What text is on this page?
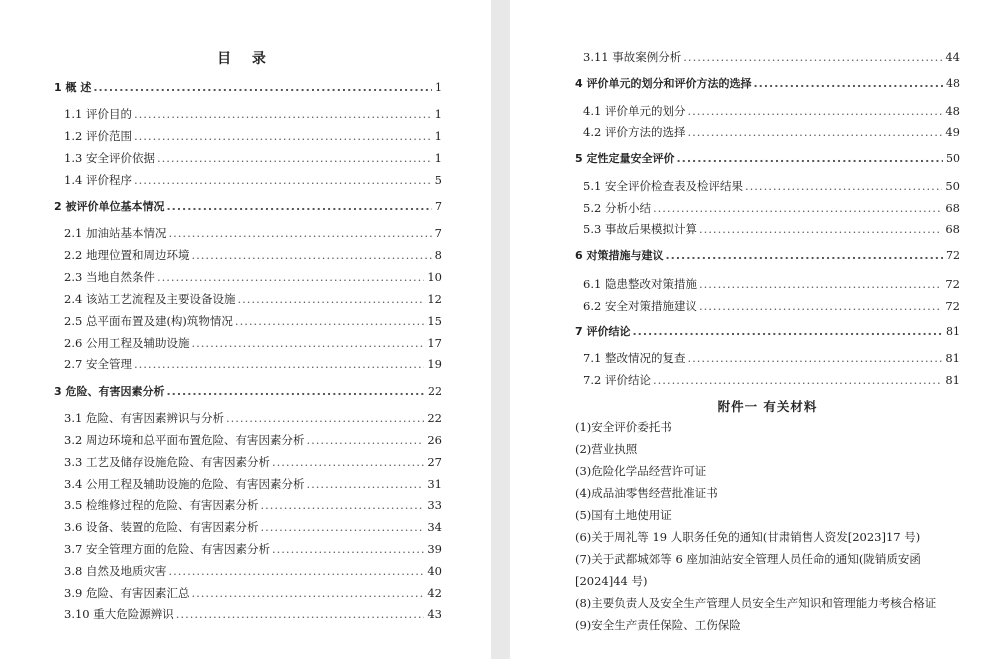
目 录
1 概 述 .....	1
1.1 评价目的 .....	1
1.2 评价范围 .....	1
1.3 安全评价依据 .....	1
1.4 评价程序 .....	5
2 被评价单位基本情况 .....	7
2.1 加油站基本情况 .....	7
2.2 地理位置和周边环境 .....	8
2.3 当地自然条件 .....	10
2.4 该站工艺流程及主要设备设施 .....	12
2.5 总平面布置及建(构)筑物情况 .....	15
2.6 公用工程及辅助设施 .....	17
2.7 安全管理 .....	19
3 危险、有害因素分析 .....	22
3.1 危险、有害因素辨识与分析 .....	22
3.2 周边环境和总平面布置危险、有害因素分析 .....	26
3.3 工艺及储存设施危险、有害因素分析 .....	27
3.4 公用工程及辅助设施的危险、有害因素分析 .....	31
3.5 检维修过程的危险、有害因素分析 .....	33
3.6 设备、装置的危险、有害因素分析 .....	34
3.7 安全管理方面的危险、有害因素分析 .....	39
3.8 自然及地质灾害 .....	40
3.9 危险、有害因素汇总 .....	42
3.10 重大危险源辨识 .....	43
3.11 事故案例分析 .....	44
4 评价单元的划分和评价方法的选择 .....	48
4.1 评价单元的划分 .....	48
4.2 评价方法的选择 .....	49
5 定性定量安全评价 .....	50
5.1 安全评价检查表及检评结果 .....	50
5.2 分析小结 .....	68
5.3 事故后果模拟计算 .....	68
6 对策措施与建议 .....	72
6.1 隐患整改对策措施 .....	72
6.2 安全对策措施建议 .....	72
7 评价结论 .....	81
7.1 整改情况的复查 .....	81
7.2 评价结论 .....	81
附件一 有关材料
(1)安全评价委托书
(2)营业执照
(3)危险化学品经营许可证
(4)成品油零售经营批准证书
(5)国有土地使用证
(6)关于周礼等 19 人职务任免的通知(甘肃销售人资发[2023]17 号)
(7)关于武都城郊等 6 座加油站安全管理人员任命的通知(陇销质安函[2024]44 号)
(8)主要负责人及安全生产管理人员安全生产知识和管理能力考核合格证
(9)安全生产责任保险、工伤保险
